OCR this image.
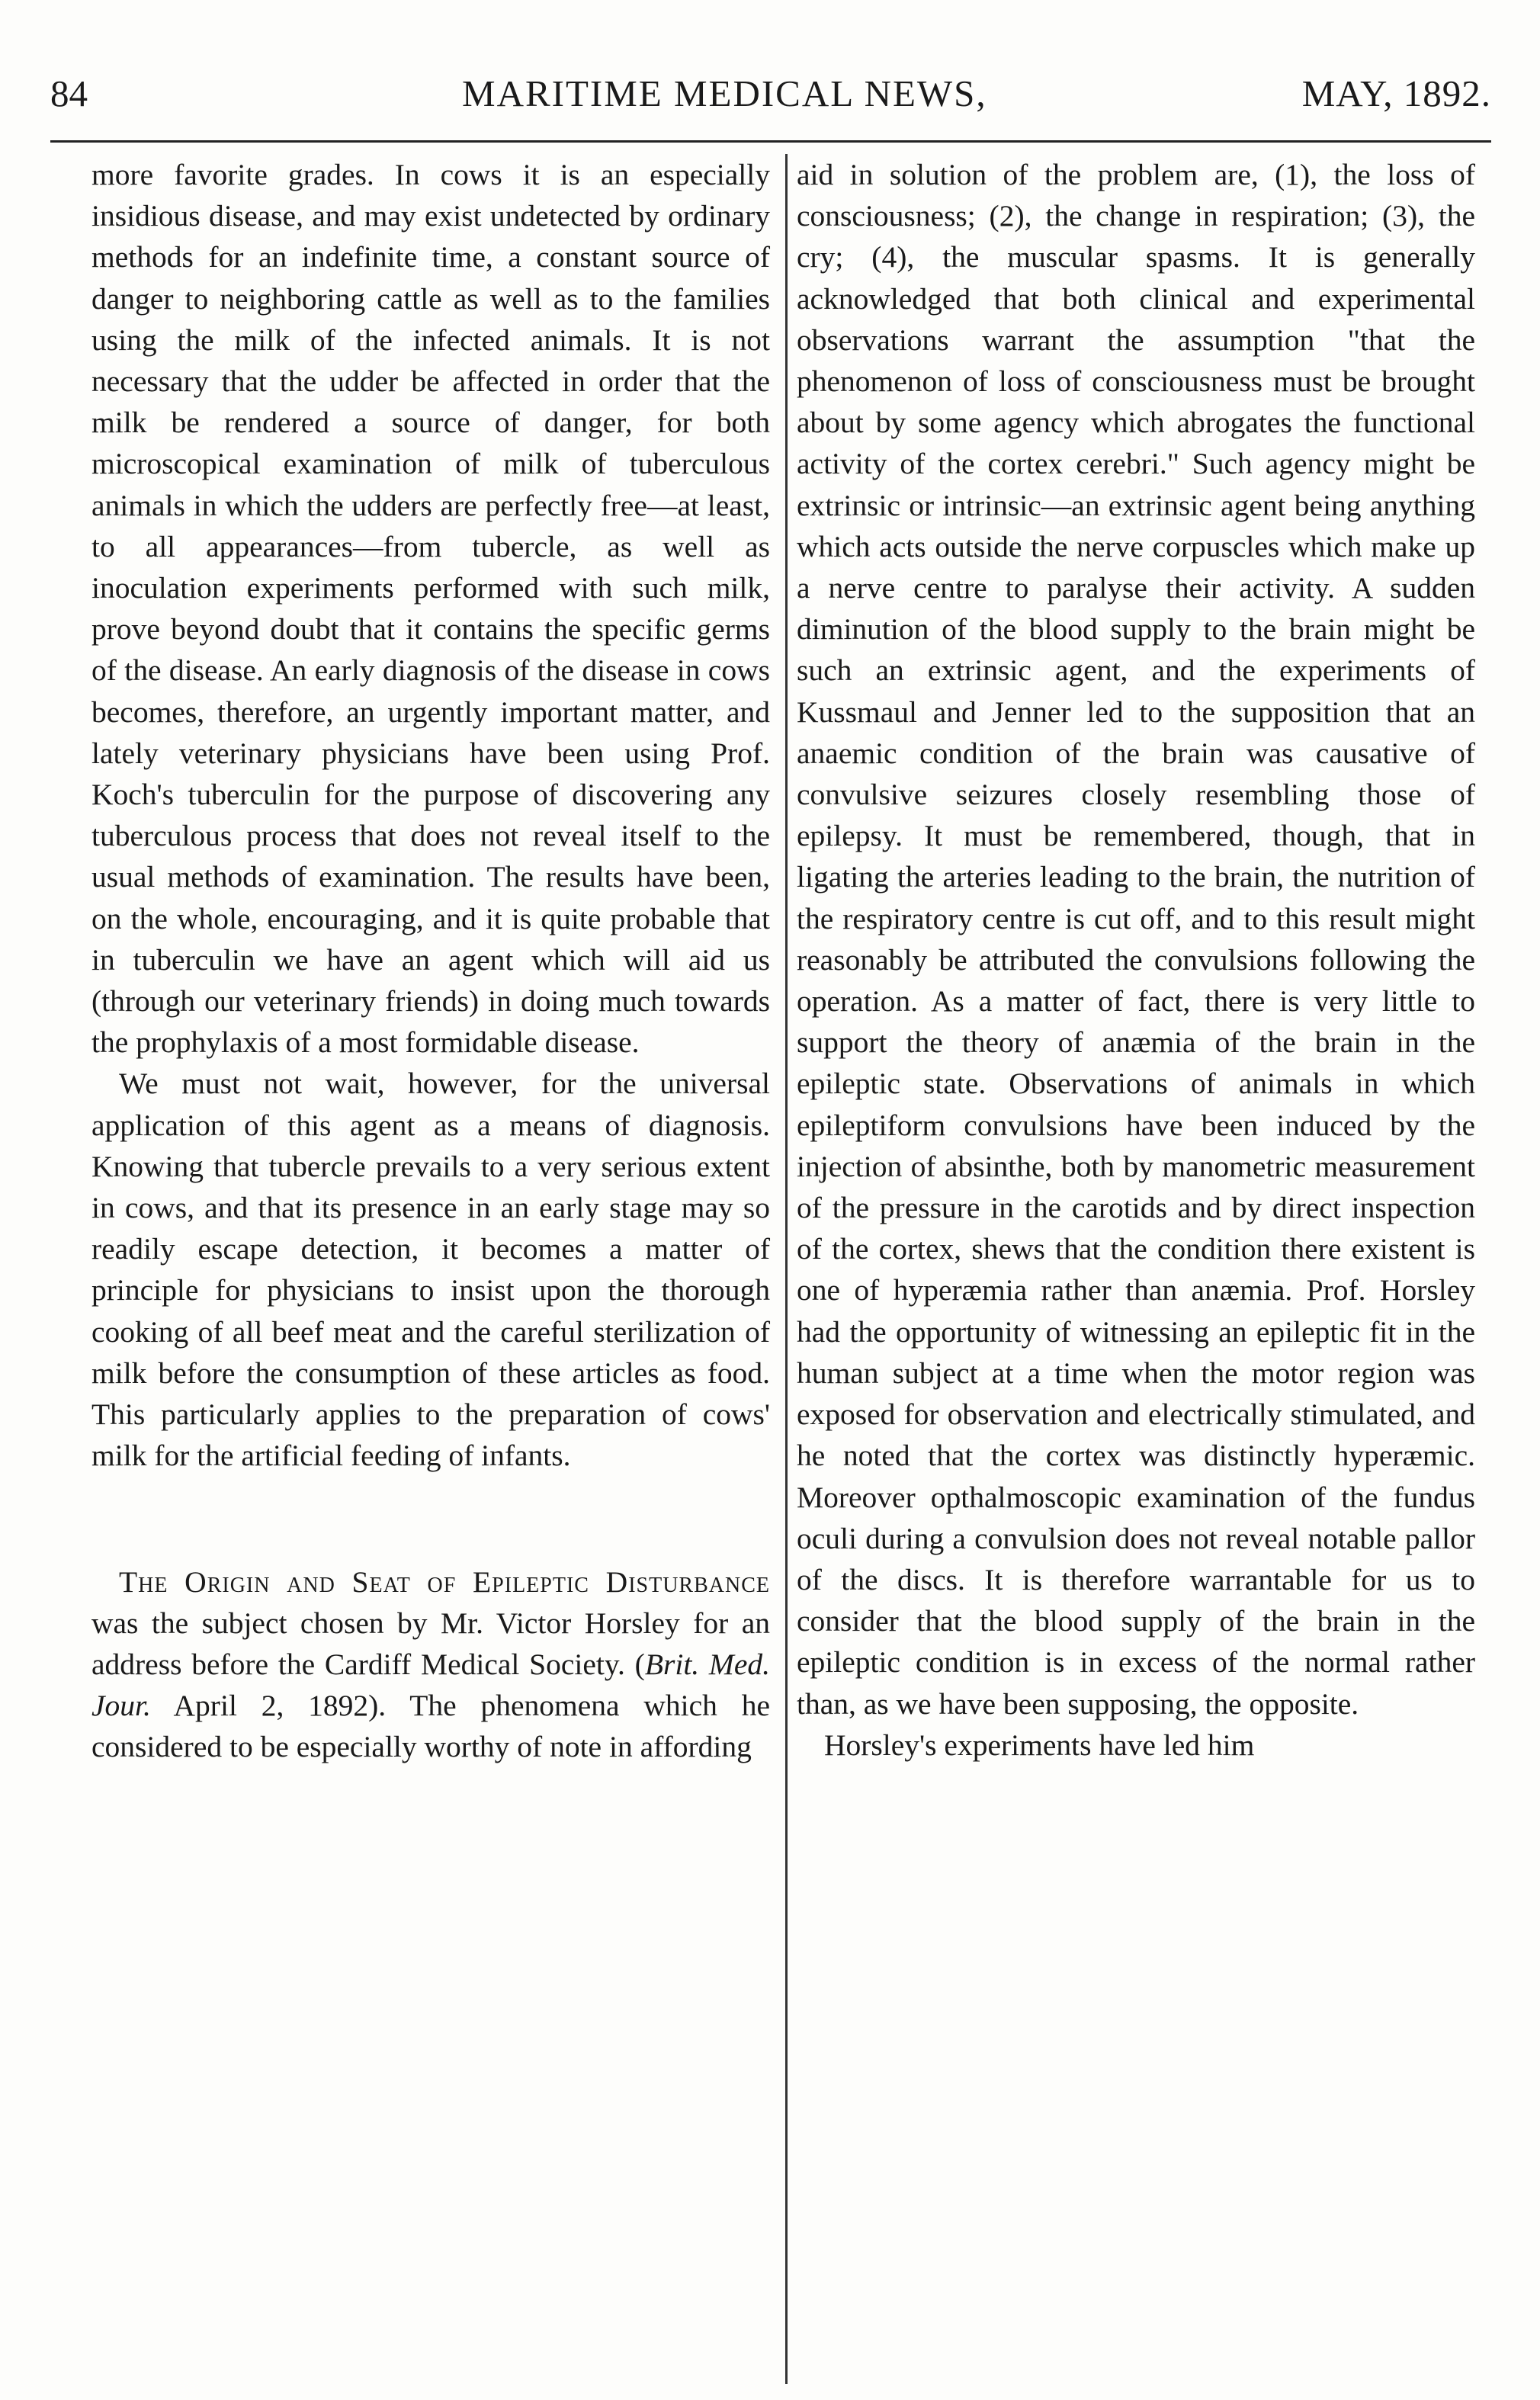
84	MARITIME MEDICAL NEWS,	MAY, 1892.

more favorite grades. In cows it is an especially insidious disease, and may exist undetected by ordinary methods for an indefinite time, a constant source of danger to neighboring cattle as well as to the families using the milk of the infected animals. It is not necessary that the udder be affected in order that the milk be rendered a source of danger, for both microscopical examination of milk of tuberculous animals in which the udders are perfectly free—at least, to all appearances—from tubercle, as well as inoculation experiments performed with such milk, prove beyond doubt that it contains the specific germs of the disease. An early diagnosis of the disease in cows becomes, therefore, an urgently important matter, and lately veterinary physicians have been using Prof. Koch's tuberculin for the purpose of discovering any tuberculous process that does not reveal itself to the usual methods of examination. The results have been, on the whole, encouraging, and it is quite probable that in tuberculin we have an agent which will aid us (through our veterinary friends) in doing much towards the prophylaxis of a most formidable disease.

We must not wait, however, for the universal application of this agent as a means of diagnosis. Knowing that tubercle prevails to a very serious extent in cows, and that its presence in an early stage may so readily escape detection, it becomes a matter of principle for physicians to insist upon the thorough cooking of all beef meat and the careful sterilization of milk before the consumption of these articles as food. This particularly applies to the preparation of cows' milk for the artificial feeding of infants.

The Origin and Seat of Epileptic Disturbance was the subject chosen by Mr. Victor Horsley for an address before the Cardiff Medical Society. (Brit. Med. Jour. April 2, 1892). The phenomena which he considered to be especially worthy of note in affording

aid in solution of the problem are, (1), the loss of consciousness; (2), the change in respiration; (3), the cry; (4), the muscular spasms. It is generally acknowledged that both clinical and experimental observations warrant the assumption "that the phenomenon of loss of consciousness must be brought about by some agency which abrogates the functional activity of the cortex cerebri." Such agency might be extrinsic or intrinsic—an extrinsic agent being anything which acts outside the nerve corpuscles which make up a nerve centre to paralyse their activity. A sudden diminution of the blood supply to the brain might be such an extrinsic agent, and the experiments of Kussmaul and Jenner led to the supposition that an anaemic condition of the brain was causative of convulsive seizures closely resembling those of epilepsy. It must be remembered, though, that in ligating the arteries leading to the brain, the nutrition of the respiratory centre is cut off, and to this result might reasonably be attributed the convulsions following the operation. As a matter of fact, there is very little to support the theory of anæmia of the brain in the epileptic state. Observations of animals in which epileptiform convulsions have been induced by the injection of absinthe, both by manometric measurement of the pressure in the carotids and by direct inspection of the cortex, shews that the condition there existent is one of hyperæmia rather than anæmia. Prof. Horsley had the opportunity of witnessing an epileptic fit in the human subject at a time when the motor region was exposed for observation and electrically stimulated, and he noted that the cortex was distinctly hyperæmic. Moreover opthalmoscopic examination of the fundus oculi during a convulsion does not reveal notable pallor of the discs. It is therefore warrantable for us to consider that the blood supply of the brain in the epileptic condition is in excess of the normal rather than, as we have been supposing, the opposite.

Horsley's experiments have led him
